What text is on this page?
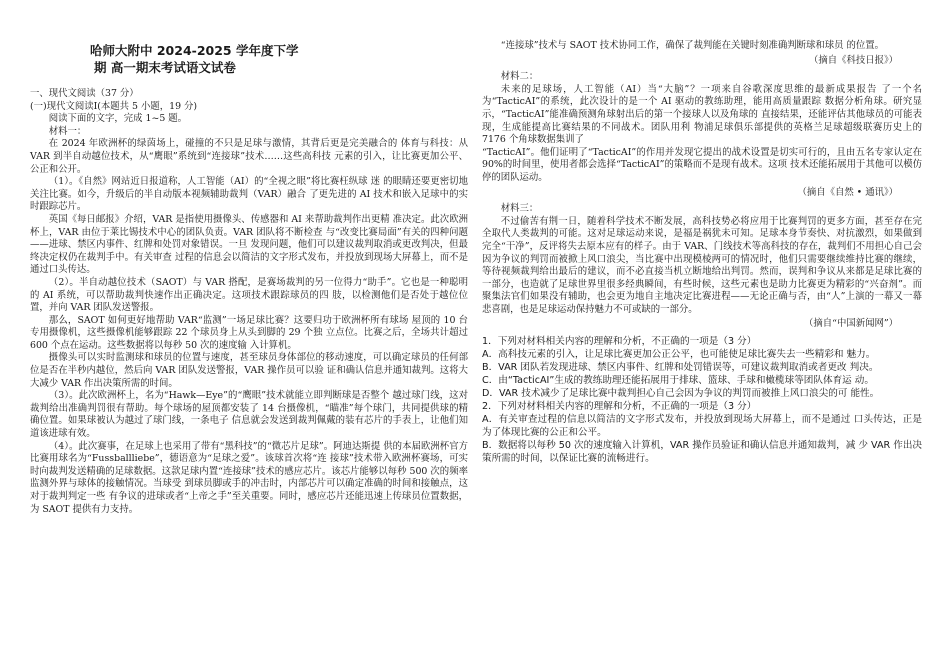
哈师大附中 2024-2025 学年度下学
期 高一期末考试语文试卷

一、现代文阅读（37 分）

(一)现代文阅读Ⅰ(本题共 5 小题，19 分)

阅读下面的文字，完成 1~5 题。

材料一：

在 2024 年欧洲杯的绿茵场上，碰撞的不只是足球与激情，其背后更是完美融合的 体育与科技：从 VAR 到半自动越位技术，从“鹰眼”系统到“连接球”技术……这些高科技 元素的引入，让比赛更加公平、公正和公开。

（1）。《自然》网站近日报道称，人工智能（AI）的“全视之眼”将比赛枉纵球 迷 的眼睛还要更密切地关注比赛。如今，升级后的半自动版本视频辅助裁判（VAR）融合 了更先进的 AI 技术和嵌入足球中的实时跟踪芯片。

英国《每日邮报》介绍，VAR 是指使用摄像头、传感器和 AI 来帮助裁判作出更精 准决定。此次欧洲杯上，VAR 由位于莱比锡技术中心的团队负责。VAR 团队将不断检查 与“改变比赛局面”有关的四种问题——进球、禁区内事件、红牌和处罚对象错误。一旦 发现问题，他们可以建议裁判取消或更改判决，但最终决定权仍在裁判手中。有关审查 过程的信息会以简洁的文字形式发布，并投放到现场大屏幕上，而不是通过口头传达。

（2）。半自动越位技术（SAOT）与 VAR 搭配，是赛场裁判的另一位得力“助手”。它也是一种聪明的 AI 系统，可以帮助裁判快速作出正确决定。这项技术跟踪球员的四 肢，以检测他们是否处于越位位置，并向 VAR 团队发送警报。

那么，SAOT 如何更好地帮助 VAR“监测”一场足球比赛？这要归功于欧洲杯所有球场 屋顶的 10 台专用摄像机，这些摄像机能够跟踪 22 个球员身上从头到脚的 29 个独 立点位。比赛之后，全场共计超过 600 个点在运动。这些数据将以每秒 50 次的速度输 入计算机。

摄像头可以实时监测球和球员的位置与速度，甚至球员身体部位的移动速度，可以确定球员的任何部位是否在半秒内越位，然后向 VAR 团队发送警报，VAR 操作员可以验 证和确认信息并通知裁判。这将大大减少 VAR 作出决策所需的时间。

（3）。此次欧洲杯上，名为“Hawk—Eye”的“鹰眼”技术就能立即判断球是否整个 越过球门线，这对裁判给出准确判罚很有帮助。每个球场的屋顶都安装了 14 台摄像机，“瞄准”每个球门，共同提供球的精确位置。如果球被认为越过了球门线，一条电子 信息就会发送到裁判佩戴的装有芯片的手表上，让他们知道该进球有效。

（4）。此次赛事，在足球上也采用了带有“黑科技”的“微芯片足球”。阿迪达斯提 供的本届欧洲杯官方比赛用球名为“Fussballliebe”，德语意为“足球之爱”。该球首次将“连 接球”技术带入欧洲杯赛场，可实时向裁判发送精确的足球数据。这款足球内置“连接球”技术的感应芯片。该芯片能够以每秒 500 次的频率监测外界与球体的接触情况。当球受 到球员脚或手的冲击时，内部芯片可以确定准确的时间和接触点，这对于裁判判定一些 有争议的进球或者“上帝之手”至关重要。同时，感应芯片还能迅速上传球员位置数据，为 SAOT 提供有力支持。

“连接球”技术与 SAOT 技术协同工作，确保了裁判能在关键时刻准确判断球和球员 的位置。

（摘自《科技日报》）

材料二：

未来的足球场，人工智能（AI）当“大脑”？一项来自谷歌深度思维的最新成果报告 了一个名为“TacticAI”的系统，此次设计的是一个 AI 驱动的教练助理，能用高质量跟踪 数据分析角球。研究显示，“TacticAI”能准确预测角球射出后的第一个接球人以及角球的 直接结果，还能评估其他球员的可能表现，生成能提高比赛结果的不同战术。团队用利 物浦足球俱乐部提供的英格兰足球超级联赛历史上的 7176 个角球数据集训了

“TacticAI”。他们证明了“TacticAI”的作用并发现它提出的战术设置是切实可行的，且由五名专家认定在 90%的时间里，使用者都会选择“TacticAI”的策略而不是现有战术。这项 技术还能拓展用于其他可以模仿停的团队运动。

（摘自《自然 • 通讯》）

材料三：

不过偷苦有荆一日，随着科学技术不断发展，高科技势必将应用于比赛判罚的更多方面，甚至存在完全取代人类裁判的可能。这对足球运动来说，是福是祸犹未可知。足球本身节奏快、对抗激烈，如果做到完全“干净”，反评将失去原本应有的样子。由于 VAR、门线技术等高科技的存在，裁判们不用担心自己会因为争议的判罚而被掀上风口浪尖，当比赛中出现模棱两可的情况时，他们只需要继续维持比赛的继续，等待视频裁判给出最后的建议，而不必直接当机立断地给出判罚。然而，误判和争议从来都是足球比赛的一部分，也造就了足球世界里很多经典瞬间，有些时候，这些元素也是助力比赛更为精彩的“兴奋剂”。而聚集法官们如果没有辅助，也会更为地自主地决定比赛进程——无论正确与否，由“人”上演的一幕又一幕悲喜剧，也是足球运动保持魅力不可或缺的一部分。

（摘自“中国新闻网”）

1．下列对材料相关内容的理解和分析，不正确的一项是（3 分）

A．高科技元素的引入，让足球比赛更加公正公平，也可能使足球比赛失去一些精彩和 魅力。

B．VAR 团队若发现进球、禁区内事件、红牌和处罚错误等，可建议裁判取消或者更改 判决。

C．由“TacticAI”生成的教练助理还能拓展用于排球、篮球、手球和橄榄球等团队体育运 动。

D．VAR 技术减少了足球比赛中裁判担心自己会因为争议的判罚而被推上风口浪尖的可 能性。

2．下列对材料相关内容的理解和分析，不正确的一项是（3 分）

A．有关审查过程的信息以简洁的文字形式发布，并投放到现场大屏幕上，而不是通过 口头传达，正是为了体现比赛的公正和公平。

B．数据将以每秒 50 次的速度输入计算机，VAR 操作员验证和确认信息并通知裁判，减 少 VAR 作出决策所需的时间，以保证比赛的流畅进行。
